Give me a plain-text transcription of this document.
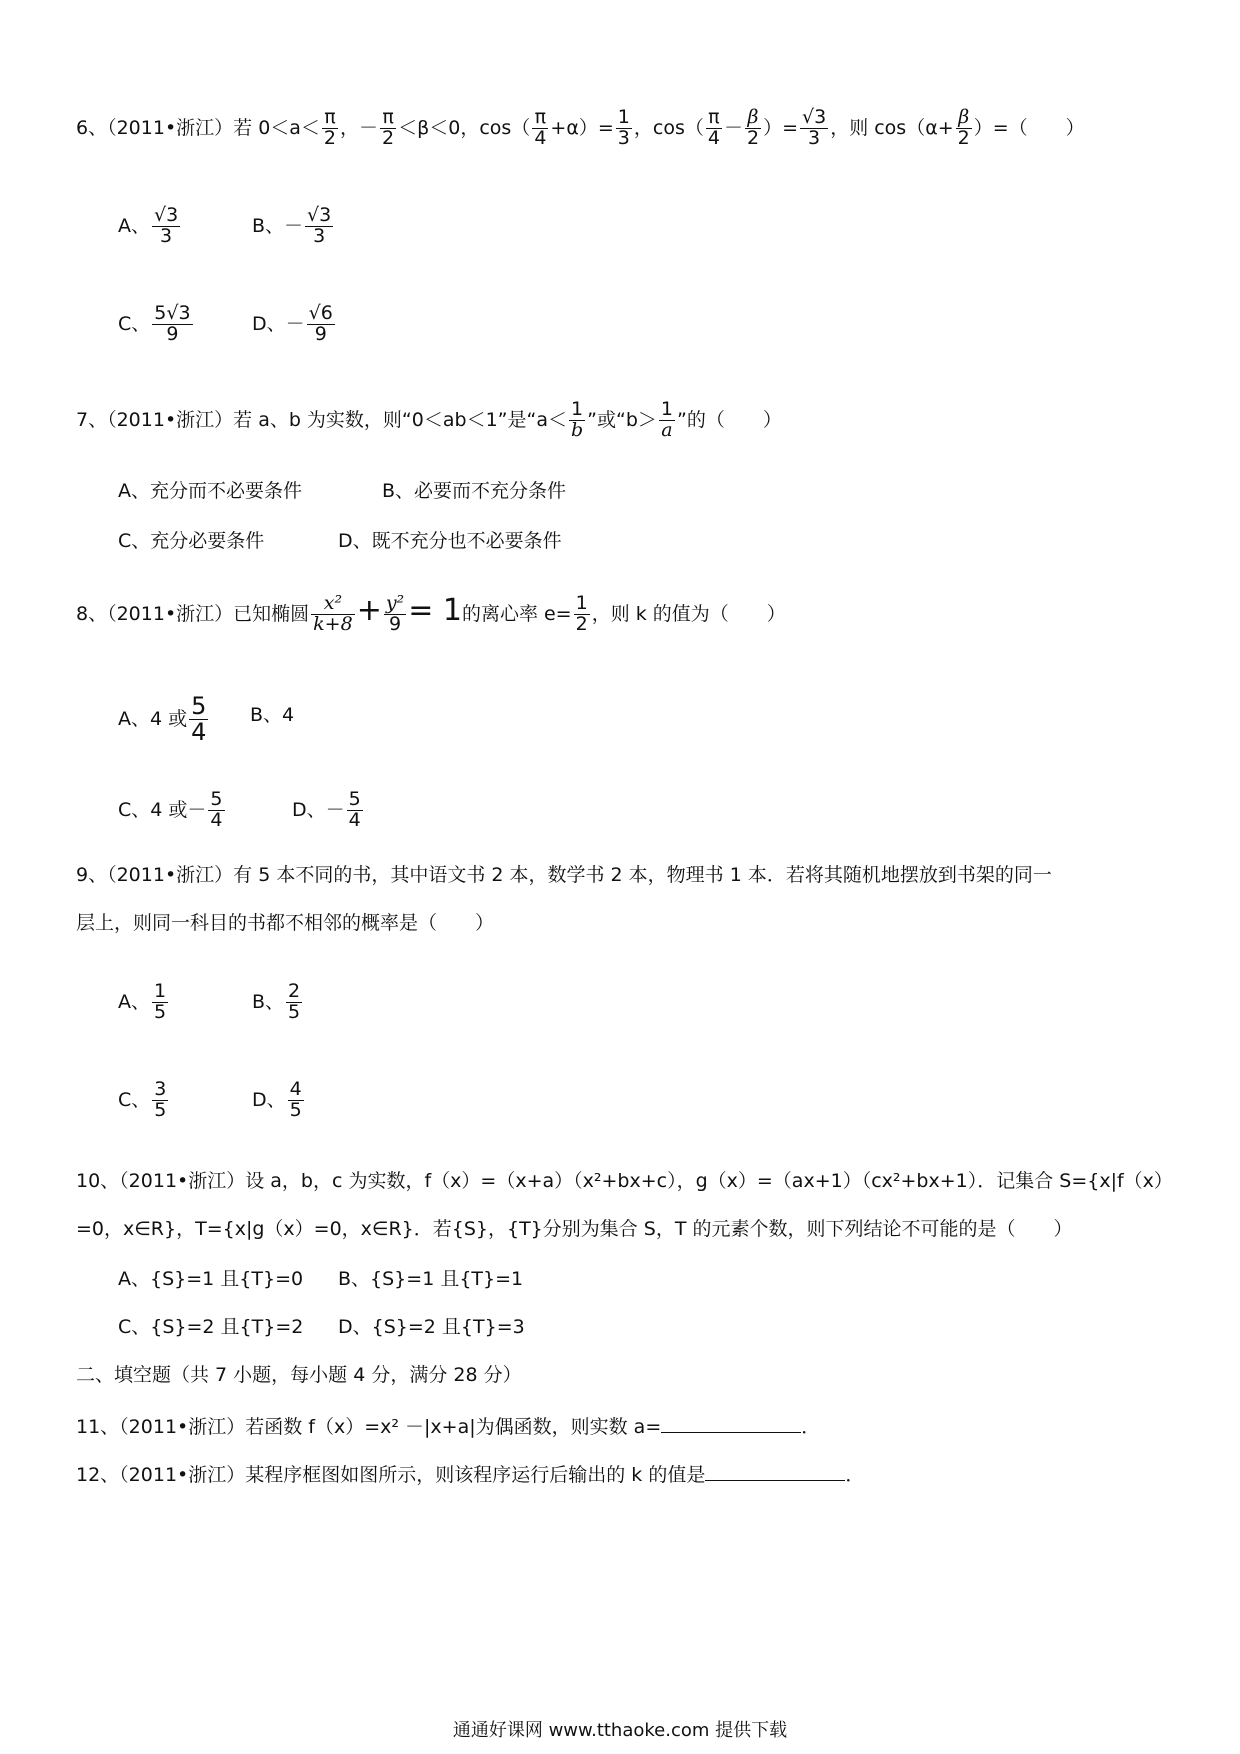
6、（2011•浙江）若 $0<a< \frac{\pi}{2}$ ，－ $\frac{\pi}{2} <\beta<0$，$\cos( \frac{\pi}{4} +\alpha)= \frac{1}{3}$ ，$\cos( \frac{\pi}{4} - \frac{\beta}{2}$ ）= $\frac{√3}{3}$ ，则 $\cos(\alpha+ \frac{\beta}{2}$ ）=（　　）
A、 $\frac{√3}{3}$	B、－ $\frac{√3}{3}$
C、 $\frac{5√3}{9}$	D、－ $\frac{√6}{9}$
7、（2011•浙江）若 a、b 为实数，则“0＜ab＜1”是“$a< \frac{1}{b}$ ”或“$b> \frac{1}{a}$ ”的（　　）
A、充分而不必要条件	B、必要而不充分条件
C、充分必要条件	D、既不充分也不必要条件
8、（2011•浙江）已知椭圆 $\frac{\text{x²}}{k+8} + \frac{\text{y²}}{9} = 1$的离心率 $e= \frac{1}{2}$ ，则 k 的值为（　　）
A、4 或 $\frac{5}{4}$ B、4
C、4 或－ $\frac{5}{4}$	D、－ $\frac{5}{4}$
9、（2011•浙江）有 5 本不同的书，其中语文书 2 本，数学书 2 本，物理书 1 本．若将其随机地摆放到书架的同一
层上，则同一科目的书都不相邻的概率是（　　）
A、 $\frac{1}{5}$	B、 $\frac{2}{5}$
C、 $\frac{3}{5}$	D、 $\frac{4}{5}$
10、（2011•浙江）设 a，b，c 为实数，f（x）=（x+a）（x²+bx+c），g（x）=（ax+1）（cx²+bx+1）．记集合 S={x|f（x）
=0，x∈R}，T={x|g（x）=0，x∈R}．若{S}，{T}分别为集合 S，T 的元素个数，则下列结论不可能的是（　　）
A、{S}=1 且{T}=0 B、{S}=1 且{T}=1
C、{S}=2 且{T}=2 D、{S}=2 且{T}=3
二、填空题（共 7 小题，每小题 4 分，满分 28 分）
11、（2011•浙江）若函数 f（x）=x² －|x+a|为偶函数，则实数 a=	．
12、（2011•浙江）某程序框图如图所示，则该程序运行后输出的 k 的值是	．
通通好课网 www.tthaoke.com 提供下载
